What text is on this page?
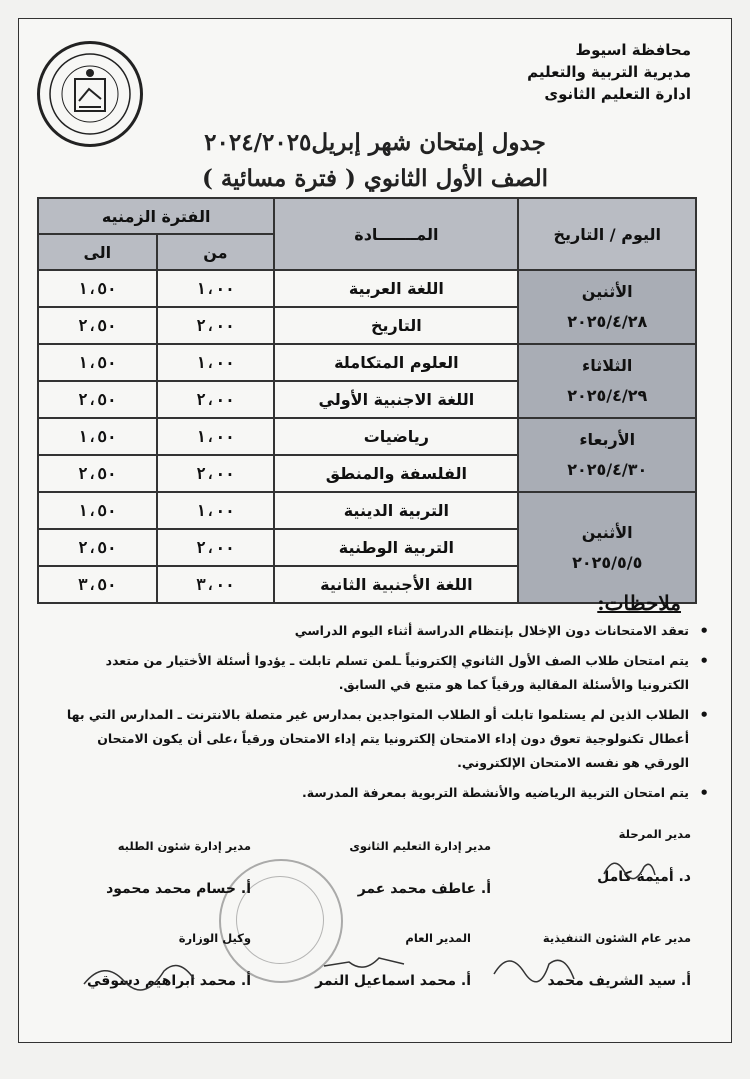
محافظة اسيوط
مديرية التربية والتعليم
ادارة التعليم الثانوى
جدول إمتحان شهر إبريل٢٠٢٤/٢٠٢٥
الصف الأول الثانوي ( فترة مسائية )
اليوم / التاريخ	المـــــــادة	الفترة الزمنيه	
		من	الى

الأثنين
٢٠٢٥/٤/٢٨	اللغة العربية	١،٠٠	١،٥٠
	التاريخ	٢،٠٠	٢،٥٠

الثلاثاء
٢٠٢٥/٤/٢٩	العلوم المتكاملة	١،٠٠	١،٥٠
	اللغة الاجنبية الأولي	٢،٠٠	٢،٥٠

الأربعاء
٢٠٢٥/٤/٣٠	رياضيات	١،٠٠	١،٥٠
	الفلسفة والمنطق	٢،٠٠	٢،٥٠

الأثنين
٢٠٢٥/٥/٥	التربية الدينية	١،٠٠	١،٥٠
	التربية الوطنية	٢،٠٠	٢،٥٠
	اللغة الأجنبية الثانية	٣،٠٠	٣،٥٠
ملاحظات:
• تعقد الامتحانات دون الإخلال بإنتظام الدراسة أثناء اليوم الدراسي
• يتم امتحان طلاب الصف الأول الثانوي إلكترونياً ـلمن تسلم تابلت ـ يؤدوا أسئلة الأختيار من متعدد الكترونيا والأسئلة المقالية ورقياً كما هو متبع في السابق.
• الطلاب الذين لم يستلموا تابلت أو الطلاب المتواجدين بمدارس غير متصلة بالانترنت ـ المدارس التي بها أعطال تكنولوجية تعوق دون إداء الامتحان إلكترونيا يتم إداء الامتحان ورقياً ،على أن يكون الامتحان الورقي هو نفسه الامتحان الإلكتروني.
• يتم امتحان التربية الرياضيه والأنشطة التربوية بمعرفة المدرسة.
مدير المرحلة
د. أميمة كامل
مدير إدارة التعليم الثانوى
أ. عاطف محمد عمر
مدير إدارة شئون الطلبه
أ. حسام محمد محمود
مدير عام الشئون التنفيذية
أ. سيد الشريف محمد
المدير العام
أ. محمد اسماعيل النمر
وكيل الوزارة
أ. محمد ابراهيم دسوقي
